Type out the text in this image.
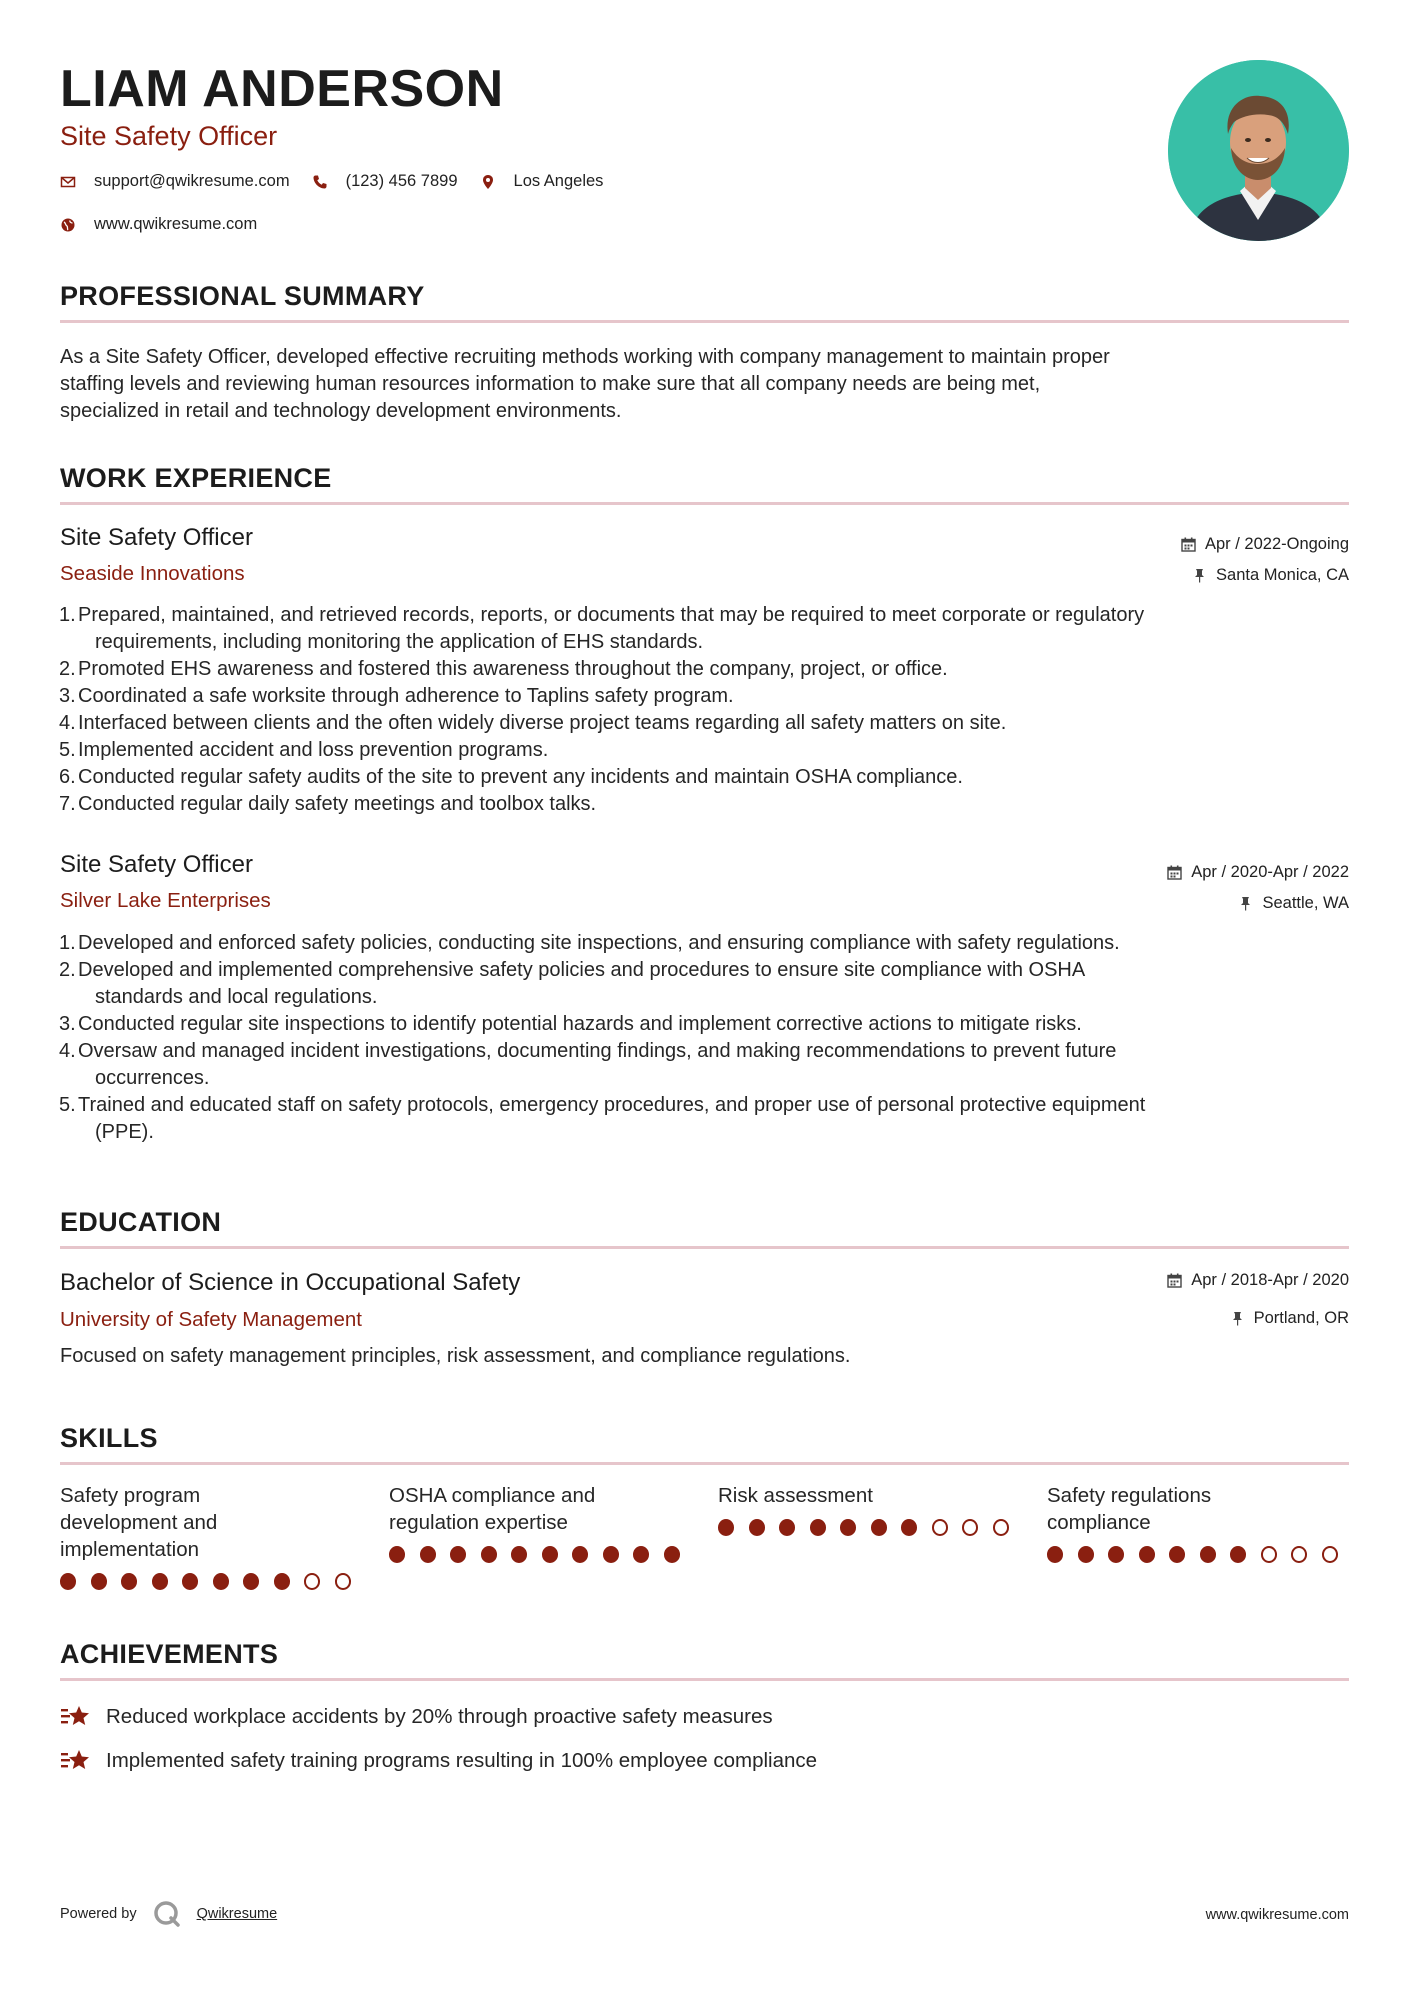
LIAM ANDERSON
Site Safety Officer
support@qwikresume.com	(123) 456 7899	Los Angeles
www.qwikresume.com
PROFESSIONAL SUMMARY
As a Site Safety Officer, developed effective recruiting methods working with company management to maintain proper
staffing levels and reviewing human resources information to make sure that all company needs are being met,
specialized in retail and technology development environments.
WORK EXPERIENCE
Site Safety Officer
Seaside Innovations
Apr / 2022-Ongoing
Santa Monica, CA
1. Prepared, maintained, and retrieved records, reports, or documents that may be required to meet corporate or regulatory
requirements, including monitoring the application of EHS standards.
2. Promoted EHS awareness and fostered this awareness throughout the company, project, or office.
3. Coordinated a safe worksite through adherence to Taplins safety program.
4. Interfaced between clients and the often widely diverse project teams regarding all safety matters on site.
5. Implemented accident and loss prevention programs.
6. Conducted regular safety audits of the site to prevent any incidents and maintain OSHA compliance.
7. Conducted regular daily safety meetings and toolbox talks.
Site Safety Officer
Silver Lake Enterprises
Apr / 2020-Apr / 2022
Seattle, WA
1. Developed and enforced safety policies, conducting site inspections, and ensuring compliance with safety regulations.
2. Developed and implemented comprehensive safety policies and procedures to ensure site compliance with OSHA
standards and local regulations.
3. Conducted regular site inspections to identify potential hazards and implement corrective actions to mitigate risks.
4. Oversaw and managed incident investigations, documenting findings, and making recommendations to prevent future
occurrences.
5. Trained and educated staff on safety protocols, emergency procedures, and proper use of personal protective equipment
(PPE).
EDUCATION
Bachelor of Science in Occupational Safety
University of Safety Management
Apr / 2018-Apr / 2020
Portland, OR
Focused on safety management principles, risk assessment, and compliance regulations.
SKILLS
Safety program
development and
implementation
OSHA compliance and
regulation expertise
Risk assessment	Safety regulations
compliance
ACHIEVEMENTS
Reduced workplace accidents by 20% through proactive safety measures
Implemented safety training programs resulting in 100% employee compliance
Powered by	Qwikresume	www.qwikresume.com
